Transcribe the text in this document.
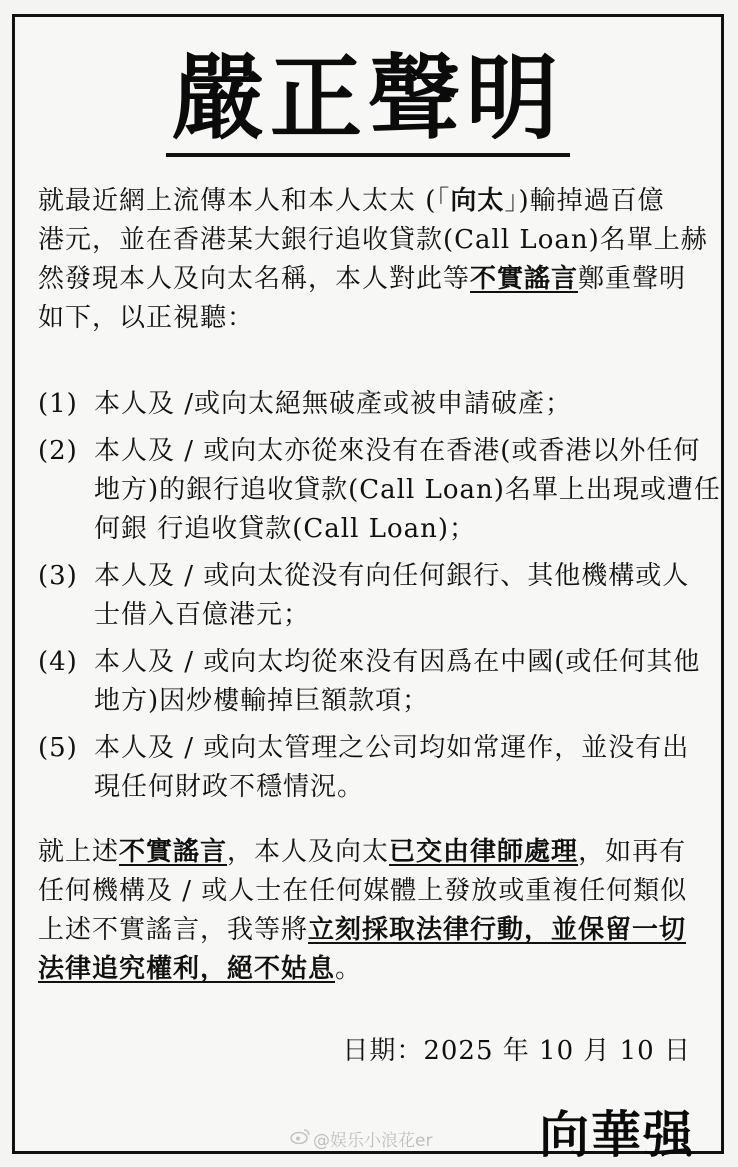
嚴正聲明
就最近網上流傳本人和本人太太 (「向太」)輸掉過百億
港元，並在香港某大銀行追收貸款(Call Loan)名單上赫
然發現本人及向太名稱，本人對此等不實謠言鄭重聲明
如下，以正視聽：
(1) 本人及 /或向太絕無破產或被申請破產；
(2) 本人及 / 或向太亦從來没有在香港(或香港以外任何
地方)的銀行追收貸款(Call Loan)名單上出現或遭任
何銀 行追收貸款(Call Loan)；
(3) 本人及 / 或向太從没有向任何銀行、其他機構或人
士借入百億港元；
(4) 本人及 / 或向太均從來没有因爲在中國(或任何其他
地方)因炒樓輸掉巨額款項；
(5) 本人及 / 或向太管理之公司均如常運作，並没有出
現任何財政不穩情況。
就上述不實謠言，本人及向太已交由律師處理，如再有
任何機構及 / 或人士在任何媒體上發放或重複任何類似
上述不實謠言，我等將立刻採取法律行動，並保留一切
法律追究權利，絕不姑息。
日期：2025 年 10 月 10 日
向華强
@娱乐小浪花er
